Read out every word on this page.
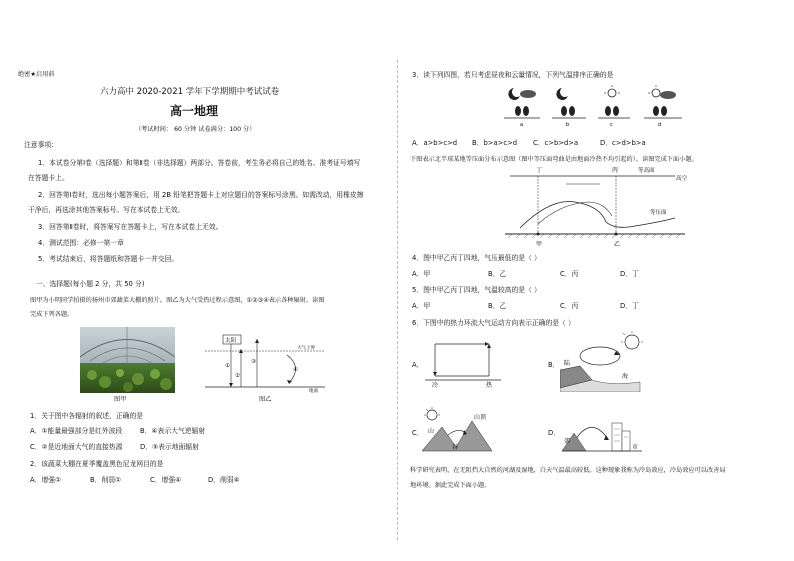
绝密★启用前
六力高中 2020-2021 学年下学期期中考试试卷
高一地理
（考试时间： 60 分钟 试卷满分：100 分）
注意事项：
1．本试卷分第Ⅰ卷（选择题）和第Ⅱ卷（非选择题）两部分。答卷前，考生务必将自己的姓名、准考证号填写
在答题卡上。
2．回答第Ⅰ卷时，选出每小题答案后，用 2B 铅笔把答题卡上对应题目的答案标号涂黑。如需改动，用橡皮擦
干净后，再选涂其他答案标号。写在本试卷上无效。
3．回答第Ⅱ卷时，将答案写在答题卡上，写在本试卷上无效。
4．测试范围：必修一第一章
5．考试结束后，将答题纸和答题卡一并交回。
一、选择题(每小题 2 分，共 50 分)
图甲为小明同学拍摄的扬州市郊蔬菜大棚的照片。图乙为大气受热过程示意图，①②③④表示各种辐射。读图
完成下列各题。
图甲
太阳
大气上界
地面
①
②
③
④
图乙
1．关于图中各辐射的叙述，正确的是
A．①能量最强部分是红外波段	B．④表示大气逆辐射
C．②是近地面大气的直接热源	D．③表示地面辐射
2．该蔬菜大棚在夏季覆盖黑色尼龙网目的是
A．增强①	B．削弱①	C．增强④	D．削弱④
3．读下列四图，若只考虑昼夜和云量情况，下列气温排序正确的是
a	b	c	d
A．a>b>c>d B．b>a>c>d C．c>b>d>a	D．c>d>b>a
下图表示北半球某地等压面分布示意图（图中等压面弯曲是由地面冷热不均引起的）。读图完成下面小题。
丁	丙	等高面
高空
等压面
甲	乙
4．图中甲乙丙丁四地，气压最低的是（ ）
A．甲	B．乙	C．丙	D．丁
5．图中甲乙丙丁四地，气温较高的是（ ）
A．甲	B．乙	C．丙	D．丁
6．下图中的热力环流大气运动方向表示正确的是（ ）
A．
冷	热
B． 陆
海
C． 山
谷
山顶
D．
郊
市
科学研究表明，在无阻挡大自然的河湖及湿地，白天气温最高较低。这种现象我称为冷岛效应，冷岛效应可以改善局
地环境。据此完成下面小题。
